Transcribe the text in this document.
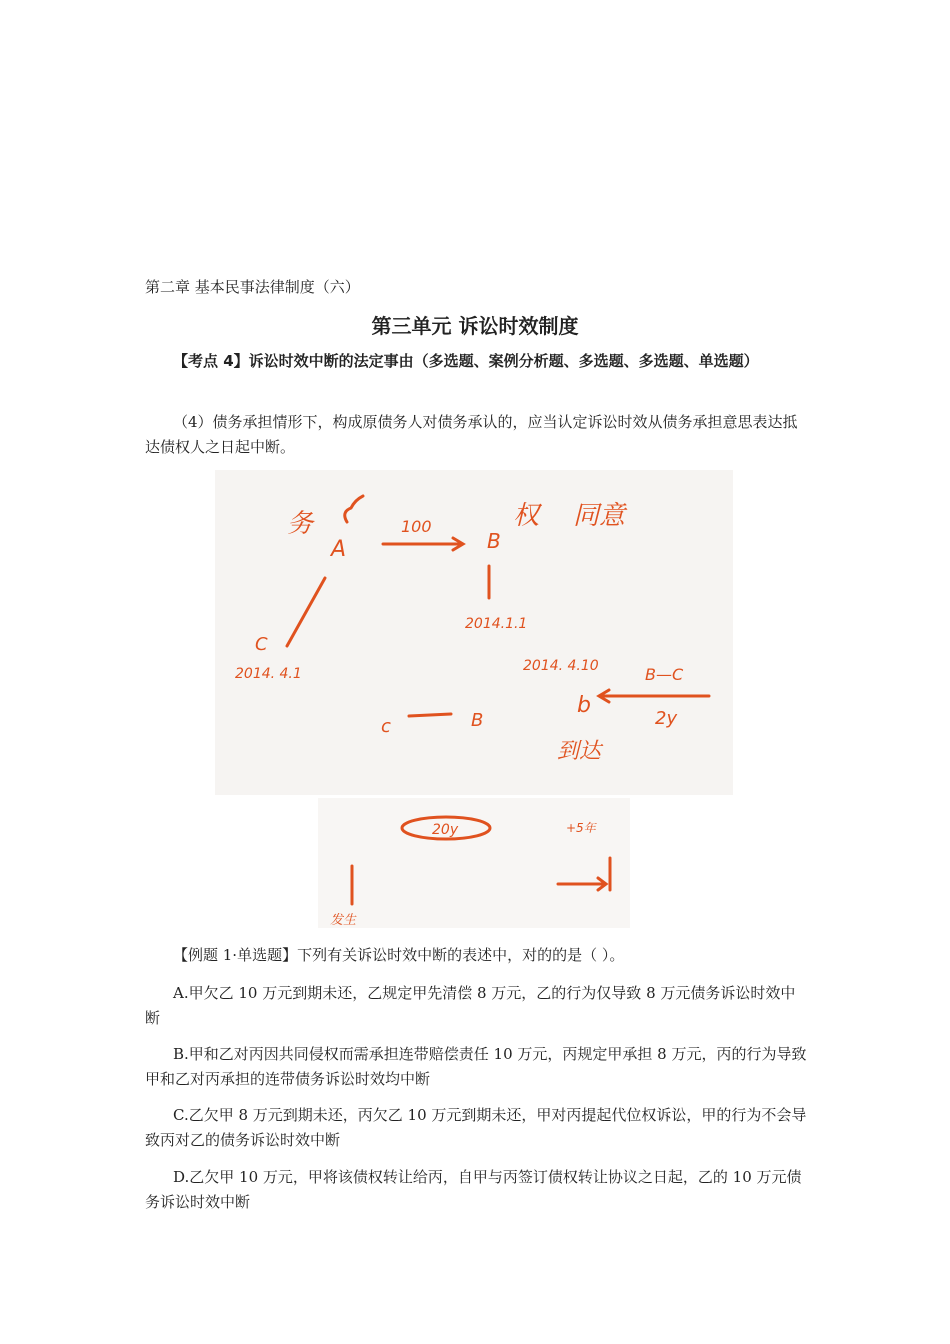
第二章 基本民事法律制度（六）
第三单元 诉讼时效制度
【考点 4】诉讼时效中断的法定事由（多选题、案例分析题、多选题、多选题、单选题）
（4）债务承担情形下，构成原债务人对债务承认的，应当认定诉讼时效从债务承担意思表达抵达债权人之日起中断。
务
A
100
B
权 同意
C
2014. 4.1
2014.1.1
2014. 4.10	B—C
2y
b
c	B
到达
20y	+5年
发生
【例题 1·单选题】下列有关诉讼时效中断的表述中，对的的是（ ）。
A.甲欠乙 10 万元到期未还，乙规定甲先清偿 8 万元，乙的行为仅导致 8 万元债务诉讼时效中断
B.甲和乙对丙因共同侵权而需承担连带赔偿责任 10 万元，丙规定甲承担 8 万元，丙的行为导致甲和乙对丙承担的连带债务诉讼时效均中断
C.乙欠甲 8 万元到期未还，丙欠乙 10 万元到期未还，甲对丙提起代位权诉讼，甲的行为不会导致丙对乙的债务诉讼时效中断
D.乙欠甲 10 万元，甲将该债权转让给丙，自甲与丙签订债权转让协议之日起，乙的 10 万元债务诉讼时效中断
